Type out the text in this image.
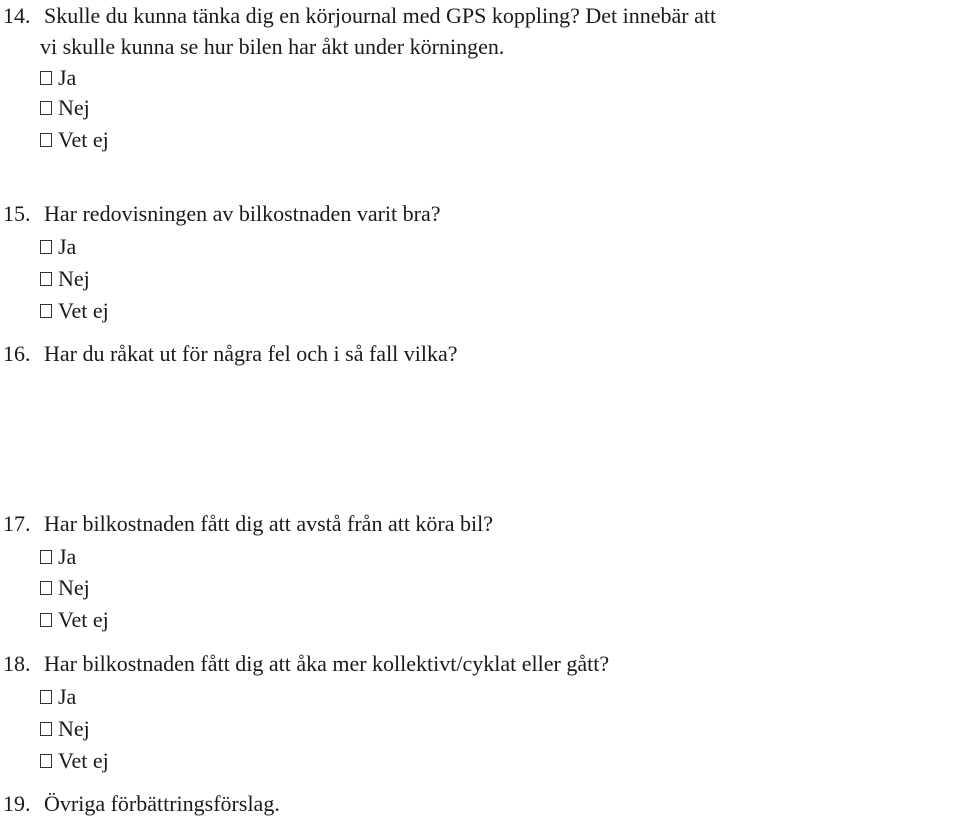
14. Skulle du kunna tänka dig en körjournal med GPS koppling? Det innebär att
vi skulle kunna se hur bilen har åkt under körningen.
Ja
Nej
Vet ej
15. Har redovisningen av bilkostnaden varit bra?
Ja
Nej
Vet ej
16. Har du råkat ut för några fel och i så fall vilka?
17. Har bilkostnaden fått dig att avstå från att köra bil?
Ja
Nej
Vet ej
18. Har bilkostnaden fått dig att åka mer kollektivt/cyklat eller gått?
Ja
Nej
Vet ej
19. Övriga förbättringsförslag.
